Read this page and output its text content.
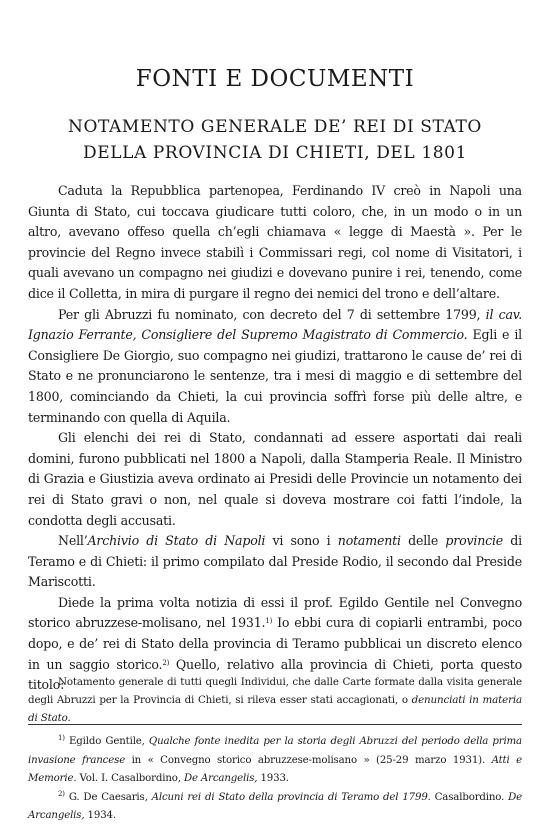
FONTI E DOCUMENTI
NOTAMENTO GENERALE DE’ REI DI STATO
DELLA PROVINCIA DI CHIETI, DEL 1801

Caduta la Repubblica partenopea, Ferdinando IV creò in Napoli una Giunta di Stato, cui toccava giudicare tutti coloro, che, in un modo o in un altro, avevano offeso quella ch’egli chiamava « legge di Maestà ». Per le provincie del Regno invece stabilì i Commissari regi, col nome di Visitatori, i quali avevano un compagno nei giudizi e dovevano punire i rei, tenendo, come dice il Colletta, in mira di purgare il regno dei nemici del trono e dell’altare.

Per gli Abruzzi fu nominato, con decreto del 7 di settembre 1799, il cav. Ignazio Ferrante, Consigliere del Supremo Magistrato di Commercio. Egli e il Consigliere De Giorgio, suo compagno nei giudizi, trattarono le cause de’ rei di Stato e ne pronunciarono le sentenze, tra i mesi di maggio e di settembre del 1800, cominciando da Chieti, la cui provincia soffrì forse più delle altre, e terminando con quella di Aquila.

Gli elenchi dei rei di Stato, condannati ad essere asportati dai reali domini, furono pubblicati nel 1800 a Napoli, dalla Stamperia Reale. Il Ministro di Grazia e Giustizia aveva ordinato ai Presidi delle Provincie un notamento dei rei di Stato gravi o non, nel quale si doveva mostrare coi fatti l’indole, la condotta degli accusati.

Nell’Archivio di Stato di Napoli vi sono i notamenti delle provincie di Teramo e di Chieti: il primo compilato dal Preside Rodio, il secondo dal Preside Mariscotti.

Diede la prima volta notizia di essi il prof. Egildo Gentile nel Convegno storico abruzzese-molisano, nel 1931.$^{1)}$ Io ebbi cura di copiarli entrambi, poco dopo, e de’ rei di Stato della provincia di Teramo pubblicai un discreto elenco in un saggio storico.$^{2)}$ Quello, relativo alla provincia di Chieti, porta questo titolo:

Notamento generale di tutti quegli Individui, che dalle Carte formate dalla visita generale degli Abruzzi per la Provincia di Chieti, si rileva esser stati accagionati, o denunciati in materia di Stato.

$^{1)}$ Egildo Gentile, Qualche fonte inedita per la storia degli Abruzzi del periodo della prima invasione francese in « Convegno storico abruzzese-molisano » (25-29 marzo 1931). Atti e Memorie. Vol. I. Casalbordino, De Arcangelis, 1933.

$^{2)}$ G. De Caesaris, Alcuni rei di Stato della provincia di Teramo del 1799. Casalbordino. De Arcangelis, 1934.
